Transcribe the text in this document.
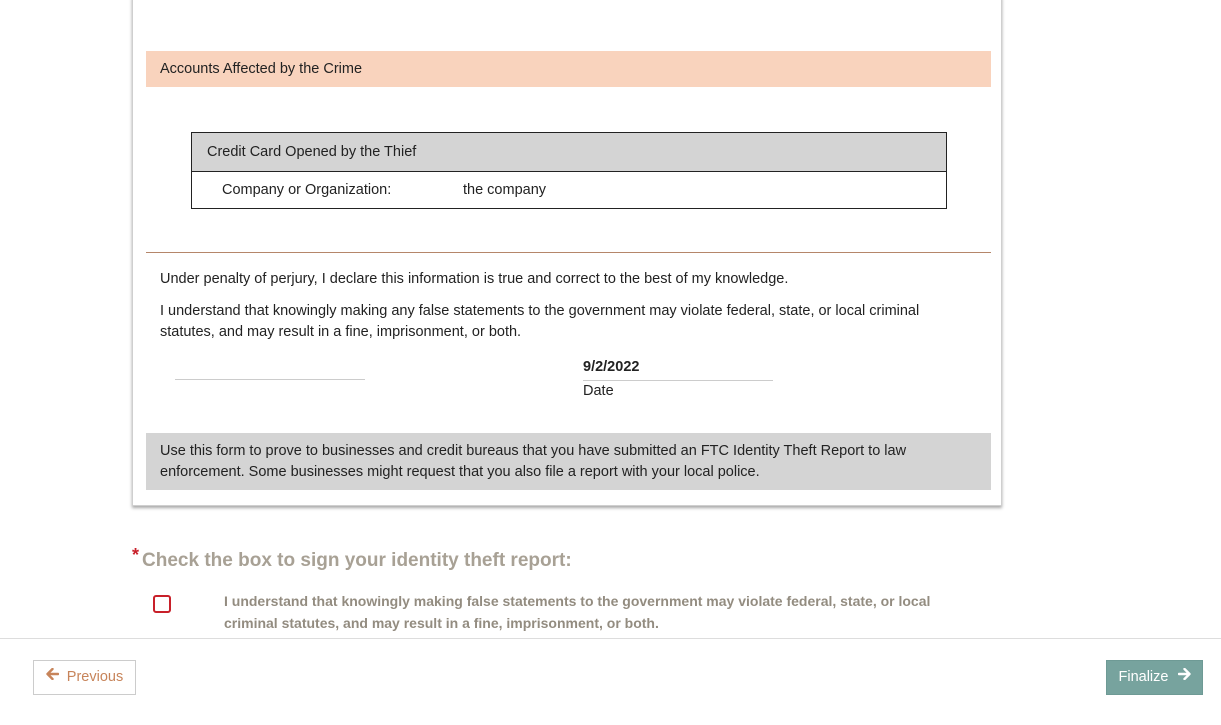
Accounts Affected by the Crime
Credit Card Opened by the Thief
Company or Organization:	the company
Under penalty of perjury, I declare this information is true and correct to the best of my knowledge.
I understand that knowingly making any false statements to the government may violate federal, state, or local criminal statutes, and may result in a fine, imprisonment, or both.
9/2/2022
Date
Use this form to prove to businesses and credit bureaus that you have submitted an FTC Identity Theft Report to law enforcement. Some businesses might request that you also file a report with your local police.
* Check the box to sign your identity theft report:
I understand that knowingly making false statements to the government may violate federal, state, or local criminal statutes, and may result in a fine, imprisonment, or both.
Previous	Finalize
